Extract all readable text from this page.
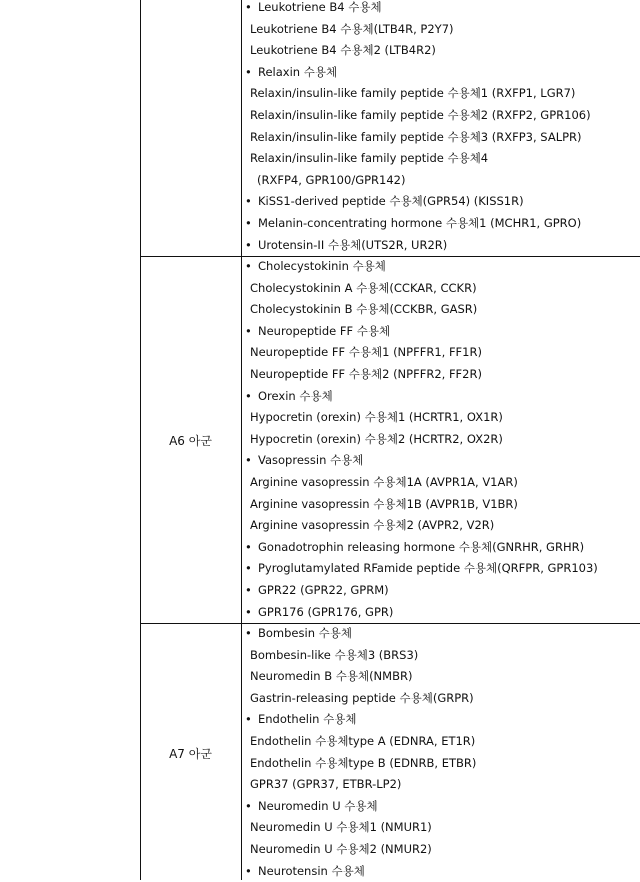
• Leukotriene B4 수용체
Leukotriene B4 수용체(LTB4R, P2Y7)
Leukotriene B4 수용체2 (LTB4R2)
• Relaxin 수용체
Relaxin/insulin-like family peptide 수용체1 (RXFP1, LGR7)
Relaxin/insulin-like family peptide 수용체2 (RXFP2, GPR106)
Relaxin/insulin-like family peptide 수용체3 (RXFP3, SALPR)
Relaxin/insulin-like family peptide 수용체4
(RXFP4, GPR100/GPR142)
• KiSS1-derived peptide 수용체(GPR54) (KISS1R)
• Melanin-concentrating hormone 수용체1 (MCHR1, GPRO)
• Urotensin-II 수용체(UTS2R, UR2R)
A6 아군
• Cholecystokinin 수용체
Cholecystokinin A 수용체(CCKAR, CCKR)
Cholecystokinin B 수용체(CCKBR, GASR)
• Neuropeptide FF 수용체
Neuropeptide FF 수용체1 (NPFFR1, FF1R)
Neuropeptide FF 수용체2 (NPFFR2, FF2R)
• Orexin 수용체
Hypocretin (orexin) 수용체1 (HCRTR1, OX1R)
Hypocretin (orexin) 수용체2 (HCRTR2, OX2R)
• Vasopressin 수용체
Arginine vasopressin 수용체1A (AVPR1A, V1AR)
Arginine vasopressin 수용체1B (AVPR1B, V1BR)
Arginine vasopressin 수용체2 (AVPR2, V2R)
• Gonadotrophin releasing hormone 수용체(GNRHR, GRHR)
• Pyroglutamylated RFamide peptide 수용체(QRFPR, GPR103)
• GPR22 (GPR22, GPRM)
• GPR176 (GPR176, GPR)
A7 아군
• Bombesin 수용체
Bombesin-like 수용체3 (BRS3)
Neuromedin B 수용체(NMBR)
Gastrin-releasing peptide 수용체(GRPR)
• Endothelin 수용체
Endothelin 수용체type A (EDNRA, ET1R)
Endothelin 수용체type B (EDNRB, ETBR)
GPR37 (GPR37, ETBR-LP2)
• Neuromedin U 수용체
Neuromedin U 수용체1 (NMUR1)
Neuromedin U 수용체2 (NMUR2)
• Neurotensin 수용체
